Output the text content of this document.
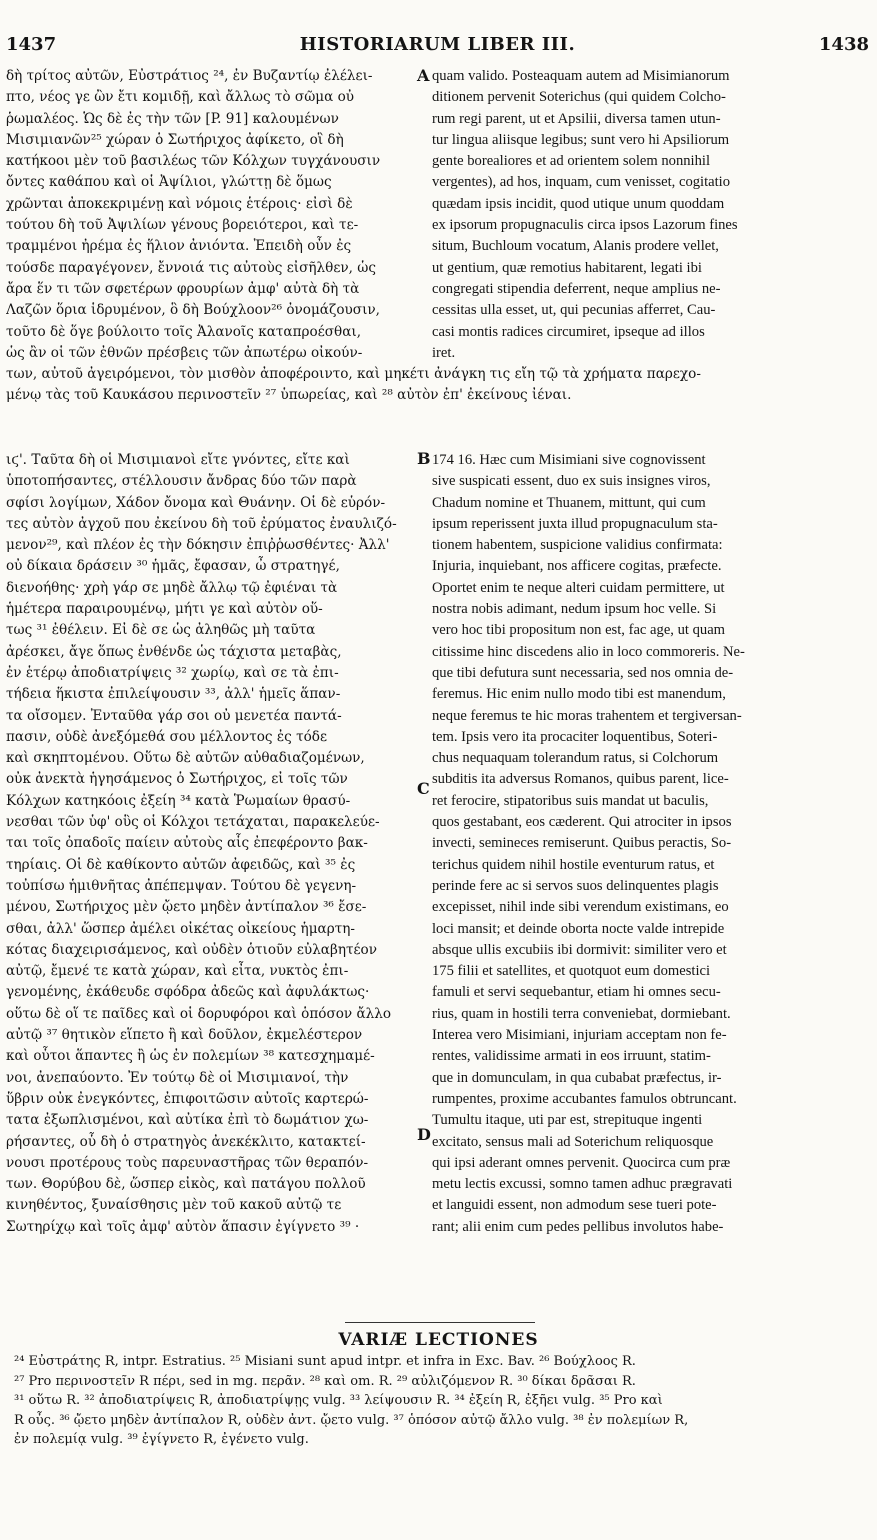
1437	HISTORIARUM LIBER III.	1438
A
B
C
D
δὴ τρίτος αὐτῶν, Εὐστράτιος ²⁴, ἐν Βυζαντίῳ ἐλέλει-
πτο, νέος γε ὢν ἔτι κομιδῇ, καὶ ἄλλως τὸ σῶμα οὐ
ῥωμαλέος. Ὡς δὲ ἐς τὴν τῶν [P. 91] καλουμένων
Μισιμιανῶν²⁵ χώραν ὁ Σωτήριχος ἀφίκετο, οἳ δὴ
κατήκοοι μὲν τοῦ βασιλέως τῶν Κόλχων τυγχάνουσιν
ὄντες καθάπου καὶ οἱ Ἀψίλιοι, γλώττῃ δὲ ὅμως
χρῶνται ἀποκεκριμένῃ καὶ νόμοις ἑτέροις· εἰσὶ δὲ
τούτου δὴ τοῦ Ἀψιλίων γένους βορειότεροι, καὶ τε-
τραμμένοι ἠρέμα ἐς ἥλιον ἀνιόντα. Ἐπειδὴ οὖν ἐς
τούσδε παραγέγονεν, ἔννοιά τις αὐτοὺς εἰσῆλθεν, ὡς
ἄρα ἕν τι τῶν σφετέρων φρουρίων ἀμφ' αὐτὰ δὴ τὰ
Λαζῶν ὅρια ἱδρυμένον, ὃ δὴ Βούχλοον²⁶ ὀνομάζουσιν,
τοῦτο δὲ ὅγε βούλοιτο τοῖς Ἀλανοῖς καταπροέσθαι,
ὡς ἂν οἱ τῶν ἐθνῶν πρέσβεις τῶν ἀπωτέρω οἰκούν-
quam valido. Posteaquam autem ad Misimianorum
ditionem pervenit Soterichus (qui quidem Colcho-
rum regi parent, ut et Apsilii, diversa tamen utun-
tur lingua aliisque legibus; sunt vero hi Apsiliorum
gente borealiores et ad orientem solem nonnihil
vergentes), ad hos, inquam, cum venisset, cogitatio
quædam ipsis incidit, quod utique unum quoddam
ex ipsorum propugnaculis circa ipsos Lazorum fines
situm, Buchloum vocatum, Alanis prodere vellet,
ut gentium, quæ remotius habitarent, legati ibi
congregati stipendia deferrent, neque amplius ne-
cessitas ulla esset, ut, qui pecunias afferret, Cau-
casi montis radices circumiret, ipseque ad illos
iret.
των, αὐτοῦ ἀγειρόμενοι, τὸν μισθὸν ἀποφέροιντο, καὶ μηκέτι ἀνάγκη τις εἴη τῷ τὰ χρήματα παρεχο-
μένῳ τὰς τοῦ Καυκάσου περινοστεῖν ²⁷ ὑπωρείας, καὶ ²⁸ αὐτὸν ἐπ' ἐκείνους ἰέναι.
ιϛ'. Ταῦτα δὴ οἱ Μισιμιανοὶ εἴτε γνόντες, εἴτε καὶ
ὑποτοπήσαντες, στέλλουσιν ἄνδρας δύο τῶν παρὰ
σφίσι λογίμων, Χάδον ὄνομα καὶ Θυάνην. Οἱ δὲ εὑρόν-
τες αὐτὸν ἀγχοῦ που ἐκείνου δὴ τοῦ ἐρύματος ἐναυλιζό-
μενον²⁹, καὶ πλέον ἐς τὴν δόκησιν ἐπιῤῥωσθέντες· Ἀλλ'
οὐ δίκαια δράσειν ³⁰ ἡμᾶς, ἔφασαν, ὦ στρατηγέ,
διενοήθης· χρὴ γάρ σε μηδὲ ἄλλῳ τῷ ἐφιέναι τὰ
ἡμέτερα παραιρουμένῳ, μήτι γε καὶ αὐτὸν οὕ-
τως ³¹ ἐθέλειν. Εἰ δὲ σε ὡς ἀληθῶς μὴ ταῦτα
ἀρέσκει, ἄγε ὅπως ἐνθένδε ὡς τάχιστα μεταβὰς,
ἐν ἑτέρῳ ἀποδιατρίψεις ³² χωρίῳ, καὶ σε τὰ ἐπι-
τήδεια ἥκιστα ἐπιλείψουσιν ³³, ἀλλ' ἡμεῖς ἅπαν-
τα οἴσομεν. Ἐνταῦθα γάρ σοι οὐ μενετέα παντά-
πασιν, οὐδὲ ἀνεξόμεθά σου μέλλοντος ἐς τόδε
καὶ σκηπτομένου. Οὕτω δὲ αὐτῶν αὐθαδιαζομένων,
οὐκ ἀνεκτὰ ἡγησάμενος ὁ Σωτήριχος, εἰ τοῖς τῶν
Κόλχων κατηκόοις ἐξείη ³⁴ κατὰ Ῥωμαίων θρασύ-
νεσθαι τῶν ὑφ' οὓς οἱ Κόλχοι τετάχαται, παρακελεύε-
ται τοῖς ὀπαδοῖς παίειν αὐτοὺς αἷς ἐπεφέροντο βακ-
τηρίαις. Οἱ δὲ καθίκοντο αὐτῶν ἀφειδῶς, καὶ ³⁵ ἐς
τοὐπίσω ἡμιθνῆτας ἀπέπεμψαν. Τούτου δὲ γεγενη-
μένου, Σωτήριχος μὲν ᾤετο μηδὲν ἀντίπαλον ³⁶ ἔσε-
σθαι, ἀλλ' ὥσπερ ἀμέλει οἰκέτας οἰκείους ἡμαρτη-
κότας διαχειρισάμενος, καὶ οὐδὲν ὁτιοῦν εὐλαβητέον
αὐτῷ, ἔμενέ τε κατὰ χώραν, καὶ εἶτα, νυκτὸς ἐπι-
γενομένης, ἐκάθευδε σφόδρα ἀδεῶς καὶ ἀφυλάκτως·
οὕτω δὲ οἵ τε παῖδες καὶ οἱ δορυφόροι καὶ ὁπόσον ἄλλο
αὐτῷ ³⁷ θητικὸν εἵπετο ἢ καὶ δοῦλον, ἐκμελέστερον
καὶ οὗτοι ἅπαντες ἢ ὡς ἐν πολεμίων ³⁸ κατεσχημαμέ-
νοι, ἀνεπαύοντο. Ἐν τούτῳ δὲ οἱ Μισιμιανοί, τὴν
ὕβριν οὐκ ἐνεγκόντες, ἐπιφοιτῶσιν αὐτοῖς καρτερώ-
τατα ἐξωπλισμένοι, καὶ αὐτίκα ἐπὶ τὸ δωμάτιον χω-
ρήσαντες, οὗ δὴ ὁ στρατηγὸς ἀνεκέκλιτο, κατακτεί-
νουσι προτέρους τοὺς παρευναστῆρας τῶν θεραπόν-
των. Θορύβου δὲ, ὥσπερ εἰκὸς, καὶ πατάγου πολλοῦ
κινηθέντος, ξυναίσθησις μὲν τοῦ κακοῦ αὐτῷ τε
Σωτηρίχῳ καὶ τοῖς ἀμφ' αὐτὸν ἅπασιν ἐγίγνετο ³⁹ ·
174 16. Hæc cum Misimiani sive cognovissent
sive suspicati essent, duo ex suis insignes viros,
Chadum nomine et Thuanem, mittunt, qui cum
ipsum reperissent juxta illud propugnaculum sta-
tionem habentem, suspicione validius confirmata:
Injuria, inquiebant, nos afficere cogitas, præfecte.
Oportet enim te neque alteri cuidam permittere, ut
nostra nobis adimant, nedum ipsum hoc velle. Si
vero hoc tibi propositum non est, fac age, ut quam
citissime hinc discedens alio in loco commoreris. Ne-
que tibi defutura sunt necessaria, sed nos omnia de-
feremus. Hic enim nullo modo tibi est manendum,
neque feremus te hic moras trahentem et tergiversan-
tem. Ipsis vero ita procaciter loquentibus, Soteri-
chus nequaquam tolerandum ratus, si Colchorum
subditis ita adversus Romanos, quibus parent, lice-
ret ferocire, stipatoribus suis mandat ut baculis,
quos gestabant, eos cæderent. Qui atrociter in ipsos
invecti, semineces remiserunt. Quibus peractis, So-
terichus quidem nihil hostile eventurum ratus, et
perinde fere ac si servos suos delinquentes plagis
excepisset, nihil inde sibi verendum existimans, eo
loci mansit; et deinde oborta nocte valde intrepide
absque ullis excubiis ibi dormivit: similiter vero et
175 filii et satellites, et quotquot eum domestici
famuli et servi sequebantur, etiam hi omnes secu-
rius, quam in hostili terra conveniebat, dormiebant.
Interea vero Misimiani, injuriam acceptam non fe-
rentes, validissime armati in eos irruunt, statim-
que in domunculam, in qua cubabat præfectus, ir-
rumpentes, proxime accubantes famulos obtruncant.
Tumultu itaque, uti par est, strepituque ingenti
excitato, sensus mali ad Soterichum reliquosque
qui ipsi aderant omnes pervenit. Quocirca cum præ
metu lectis excussi, somno tamen adhuc prægravati
et languidi essent, non admodum sese tueri pote-
rant; alii enim cum pedes pellibus involutos habe-
VARIÆ LECTIONES
²⁴ Εὐστράτης R, intpr. Estratius. ²⁵ Misiani sunt apud intpr. et infra in Exc. Bav. ²⁶ Βούχλοος R.
²⁷ Pro περινοστεῖν R πέρι, sed in mg. περᾶν. ²⁸ καὶ om. R. ²⁹ αὐλιζόμενον R. ³⁰ δίκαι δρᾶσαι R.
³¹ οὕτω R. ³² ἀποδιατρίψεις R, ἀποδιατρίψῃς vulg. ³³ λείψουσιν R. ³⁴ ἐξείη R, ἐξῆει vulg. ³⁵ Pro καὶ
R οὖς. ³⁶ ᾤετο μηδὲν ἀντίπαλον R, οὐδὲν ἀντ. ᾤετο vulg. ³⁷ ὁπόσον αὐτῷ ἄλλο vulg. ³⁸ ἐν πολεμίων R,
ἐν πολεμίᾳ vulg. ³⁹ ἐγίγνετο R, ἐγένετο vulg.
